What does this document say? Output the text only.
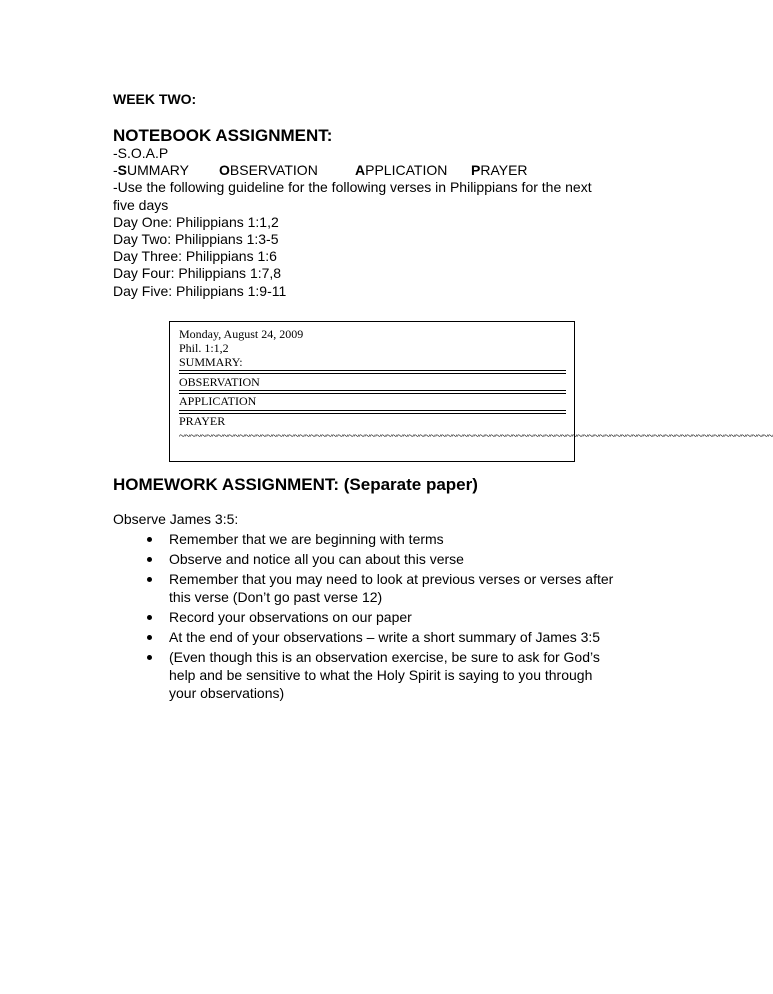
WEEK TWO:
NOTEBOOK ASSIGNMENT:
-S.O.A.P
-SUMMARY OBSERVATION	APPLICATION PRAYER
-Use the following guideline for the following verses in Philippians for the next
five days
Day One: Philippians 1:1,2
Day Two: Philippians 1:3-5
Day Three: Philippians 1:6
Day Four: Philippians 1:7,8
Day Five: Philippians 1:9-11
Monday, August 24, 2009
Phil. 1:1,2
SUMMARY:
OBSERVATION
APPLICATION
PRAYER
~~~~~~~~~~~~~~~~~~~~~~~~~~~~~~~~~~~~~~~~~~~~~~~~~~~~~~~~~~~~~~~~~~~~~~~~~~~~~~~~~~~~~~~~~~~~~~~~~~~~~~~~~~~~~
HOMEWORK ASSIGNMENT: (Separate paper)
Observe James 3:5:
Remember that we are beginning with terms
Observe and notice all you can about this verse
Remember that you may need to look at previous verses or verses after
this verse (Don’t go past verse 12)
Record your observations on our paper
At the end of your observations – write a short summary of James 3:5
(Even though this is an observation exercise, be sure to ask for God’s
help and be sensitive to what the Holy Spirit is saying to you through
your observations)
